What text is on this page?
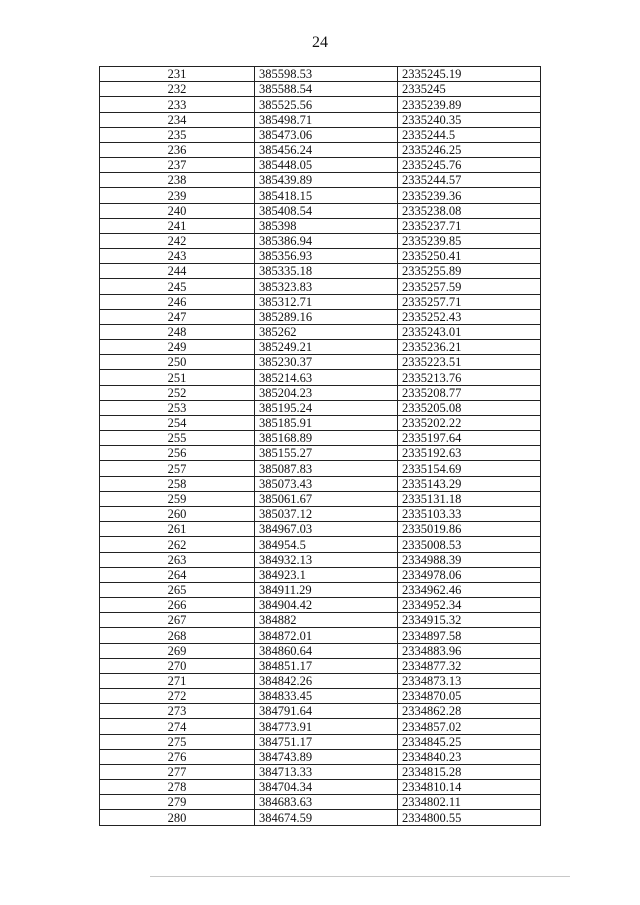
24
231	385598.53	2335245.19
232	385588.54	2335245
233	385525.56	2335239.89
234	385498.71	2335240.35
235	385473.06	2335244.5
236	385456.24	2335246.25
237	385448.05	2335245.76
238	385439.89	2335244.57
239	385418.15	2335239.36
240	385408.54	2335238.08
241	385398	2335237.71
242	385386.94	2335239.85
243	385356.93	2335250.41
244	385335.18	2335255.89
245	385323.83	2335257.59
246	385312.71	2335257.71
247	385289.16	2335252.43
248	385262	2335243.01
249	385249.21	2335236.21
250	385230.37	2335223.51
251	385214.63	2335213.76
252	385204.23	2335208.77
253	385195.24	2335205.08
254	385185.91	2335202.22
255	385168.89	2335197.64
256	385155.27	2335192.63
257	385087.83	2335154.69
258	385073.43	2335143.29
259	385061.67	2335131.18
260	385037.12	2335103.33
261	384967.03	2335019.86
262	384954.5	2335008.53
263	384932.13	2334988.39
264	384923.1	2334978.06
265	384911.29	2334962.46
266	384904.42	2334952.34
267	384882	2334915.32
268	384872.01	2334897.58
269	384860.64	2334883.96
270	384851.17	2334877.32
271	384842.26	2334873.13
272	384833.45	2334870.05
273	384791.64	2334862.28
274	384773.91	2334857.02
275	384751.17	2334845.25
276	384743.89	2334840.23
277	384713.33	2334815.28
278	384704.34	2334810.14
279	384683.63	2334802.11
280	384674.59	2334800.55
